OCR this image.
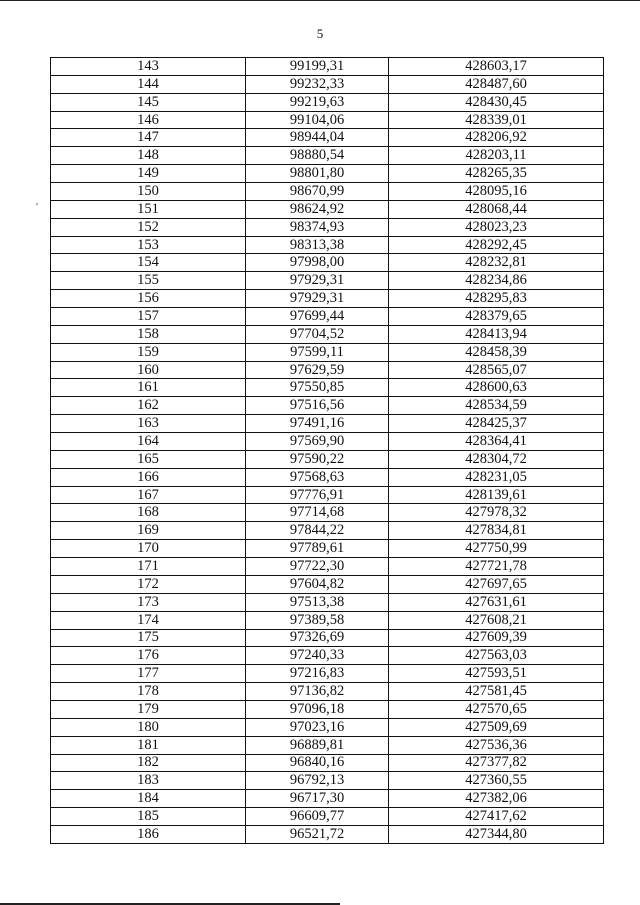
5
′
143	99199,31	428603,17
144	99232,33	428487,60
145	99219,63	428430,45
146	99104,06	428339,01
147	98944,04	428206,92
148	98880,54	428203,11
149	98801,80	428265,35
150	98670,99	428095,16
151	98624,92	428068,44
152	98374,93	428023,23
153	98313,38	428292,45
154	97998,00	428232,81
155	97929,31	428234,86
156	97929,31	428295,83
157	97699,44	428379,65
158	97704,52	428413,94
159	97599,11	428458,39
160	97629,59	428565,07
161	97550,85	428600,63
162	97516,56	428534,59
163	97491,16	428425,37
164	97569,90	428364,41
165	97590,22	428304,72
166	97568,63	428231,05
167	97776,91	428139,61
168	97714,68	427978,32
169	97844,22	427834,81
170	97789,61	427750,99
171	97722,30	427721,78
172	97604,82	427697,65
173	97513,38	427631,61
174	97389,58	427608,21
175	97326,69	427609,39
176	97240,33	427563,03
177	97216,83	427593,51
178	97136,82	427581,45
179	97096,18	427570,65
180	97023,16	427509,69
181	96889,81	427536,36
182	96840,16	427377,82
183	96792,13	427360,55
184	96717,30	427382,06
185	96609,77	427417,62
186	96521,72	427344,80
